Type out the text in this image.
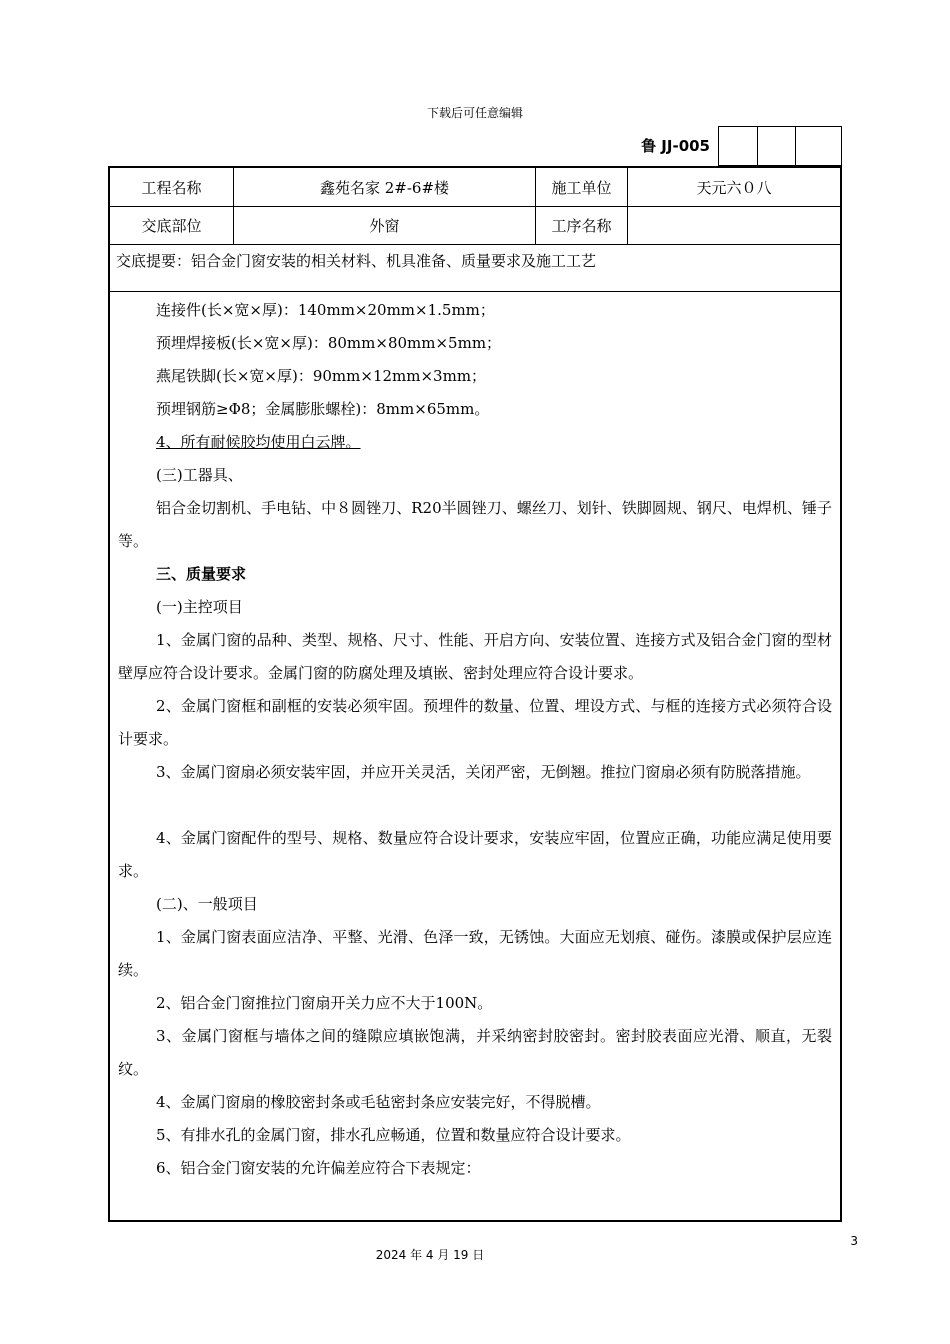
下载后可任意编辑
鲁 JJ-005
工程名称	鑫苑名家 2#-6#楼	施工单位	天元六０八
交底部位	外窗	工序名称
交底提要：铝合金门窗安装的相关材料、机具准备、质量要求及施工工艺
连接件(长×宽×厚)：140mm×20mm×1.5mm；
预埋焊接板(长×宽×厚)：80mm×80mm×5mm；
燕尾铁脚(长×宽×厚)：90mm×12mm×3mm；
预埋钢筋≥Φ8；金属膨胀螺栓)：8mm×65mm。
4、所有耐候胶均使用白云牌。
(三)工器具、
铝合金切割机、手电钻、中８圆锉刀、R20半圆锉刀、螺丝刀、划针、铁脚圆规、钢尺、电焊机、锤子等。
三、质量要求
(一)主控项目
1、金属门窗的品种、类型、规格、尺寸、性能、开启方向、安装位置、连接方式及铝合金门窗的型材壁厚应符合设计要求。金属门窗的防腐处理及填嵌、密封处理应符合设计要求。
2、金属门窗框和副框的安装必须牢固。预埋件的数量、位置、埋设方式、与框的连接方式必须符合设计要求。
3、金属门窗扇必须安装牢固，并应开关灵活，关闭严密，无倒翘。推拉门窗扇必须有防脱落措施。
4、金属门窗配件的型号、规格、数量应符合设计要求，安装应牢固，位置应正确，功能应满足使用要求。
(二)、一般项目
1、金属门窗表面应洁净、平整、光滑、色泽一致，无锈蚀。大面应无划痕、碰伤。漆膜或保护层应连续。
2、铝合金门窗推拉门窗扇开关力应不大于100N。
3、金属门窗框与墙体之间的缝隙应填嵌饱满，并采纳密封胶密封。密封胶表面应光滑、顺直，无裂纹。
4、金属门窗扇的橡胶密封条或毛毡密封条应安装完好，不得脱槽。
5、有排水孔的金属门窗，排水孔应畅通，位置和数量应符合设计要求。
6、铝合金门窗安装的允许偏差应符合下表规定：
3
2024 年 4 月 19 日
